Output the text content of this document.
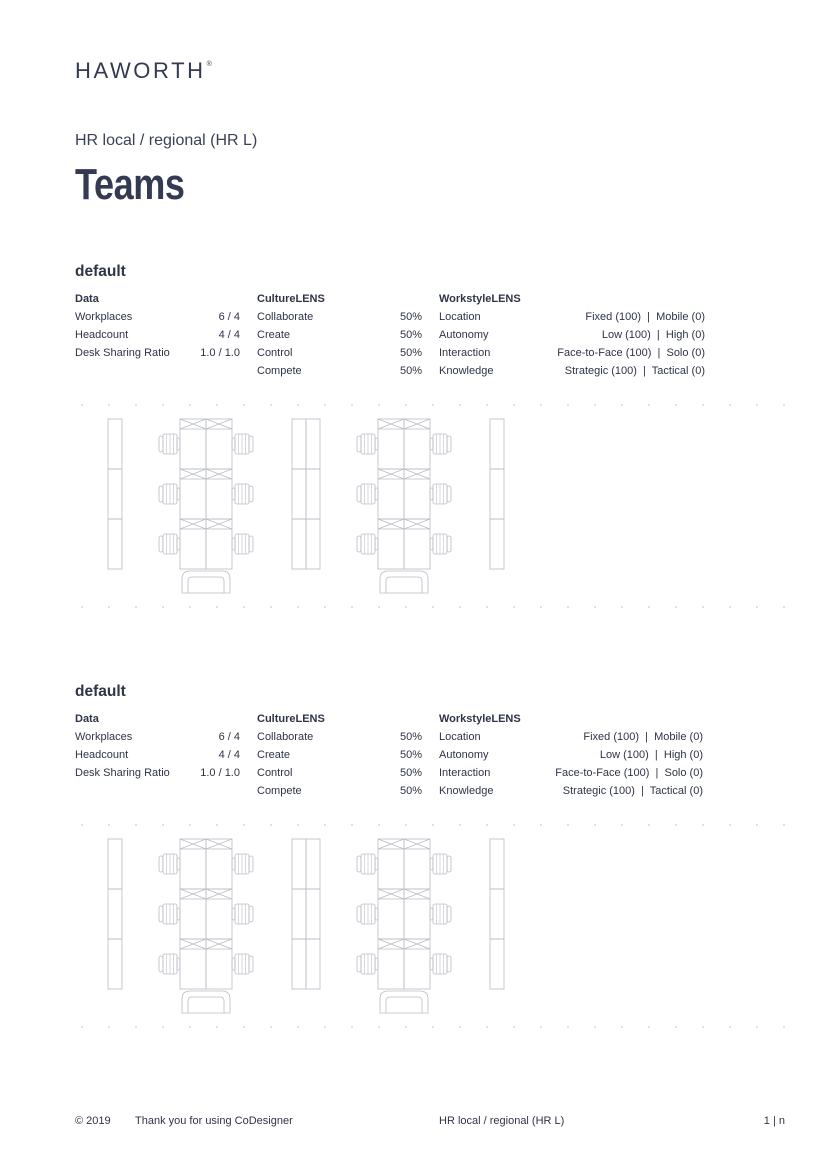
HAWORTH®
HR local / regional (HR L)
Teams
default
Data
Workplaces	6 / 4
Headcount	4 / 4
Desk Sharing Ratio	1.0 / 1.0
CultureLENS
Collaborate	50%
Create	50%
Control	50%
Compete	50%
WorkstyleLENS
Location	Fixed (100)  |  Mobile (0)
Autonomy	Low (100)  |  High (0)
Interaction	Face-to-Face (100)  |  Solo (0)
Knowledge	Strategic (100)  |  Tactical (0)
default
Data
Workplaces	6 / 4
Headcount	4 / 4
Desk Sharing Ratio	1.0 / 1.0
CultureLENS
Collaborate	50%
Create	50%
Control	50%
Compete	50%
WorkstyleLENS
Location	Fixed (100)  |  Mobile (0)
Autonomy	Low (100)  |  High (0)
Interaction	Face-to-Face (100)  |  Solo (0)
Knowledge	Strategic (100)  |  Tactical (0)
© 2019 Thank you for using CoDesigner	HR local / regional (HR L)	1 | n
